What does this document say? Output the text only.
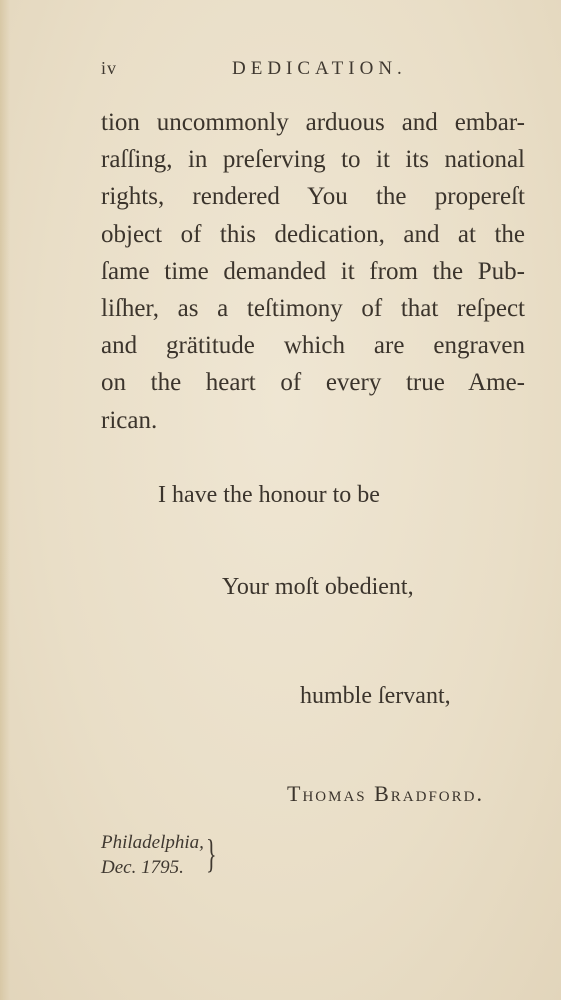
iv	DEDICATION.
tion uncommonly arduous and embar-
raſſing, in preſerving to it its national
rights, rendered You the propereſt
object of this dedication, and at the
ſame time demanded it from the Pub-
liſher, as a teſtimony of that reſpect
and grätitude which are engraven
on the heart of every true Ame-
rican.
I have the honour to be
Your moſt obedient,
humble ſervant,
Thomas Bradford.
Philadelphia,
Dec. 1795. }
